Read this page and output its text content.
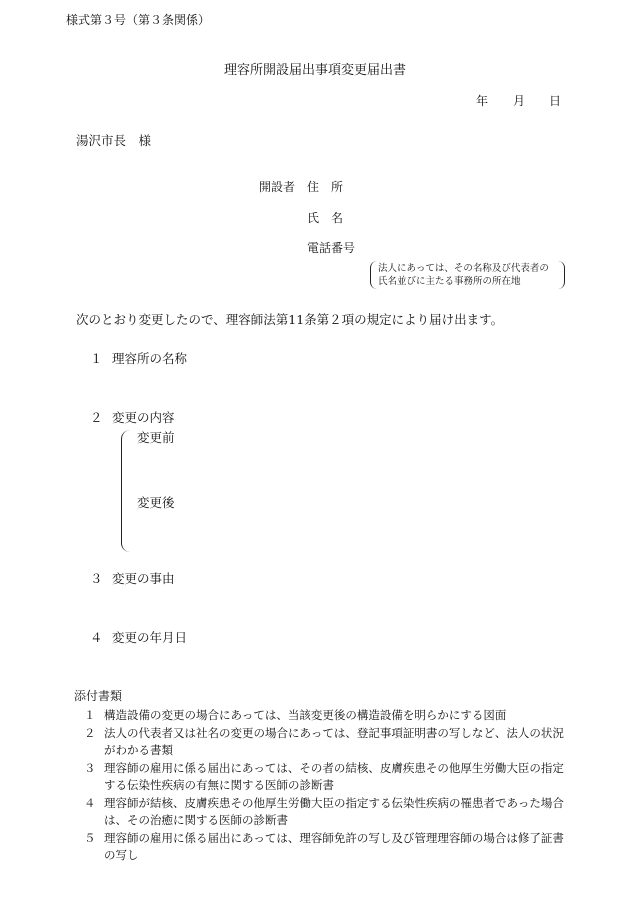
様式第３号（第３条関係）
理容所開設届出事項変更届出書
年 月 日
湯沢市長　様
開設者 住　所
氏　名
電話番号
法人にあっては、その名称及び代表者の
氏名並びに主たる事務所の所在地
次のとおり変更したので、理容師法第11条第２項の規定により届け出ます。
１ 理容所の名称
２ 変更の内容
変更前
変更後
３ 変更の事由
４ 変更の年月日
添付書類
１ 構造設備の変更の場合にあっては、当該変更後の構造設備を明らかにする図面
２ 法人の代表者又は社名の変更の場合にあっては、登記事項証明書の写しなど、法人の状況がわかる書類
３ 理容師の雇用に係る届出にあっては、その者の結核、皮膚疾患その他厚生労働大臣の指定する伝染性疾病の有無に関する医師の診断書
４ 理容師が結核、皮膚疾患その他厚生労働大臣の指定する伝染性疾病の罹患者であった場合は、その治癒に関する医師の診断書
５ 理容師の雇用に係る届出にあっては、理容師免許の写し及び管理理容師の場合は修了証書の写し
